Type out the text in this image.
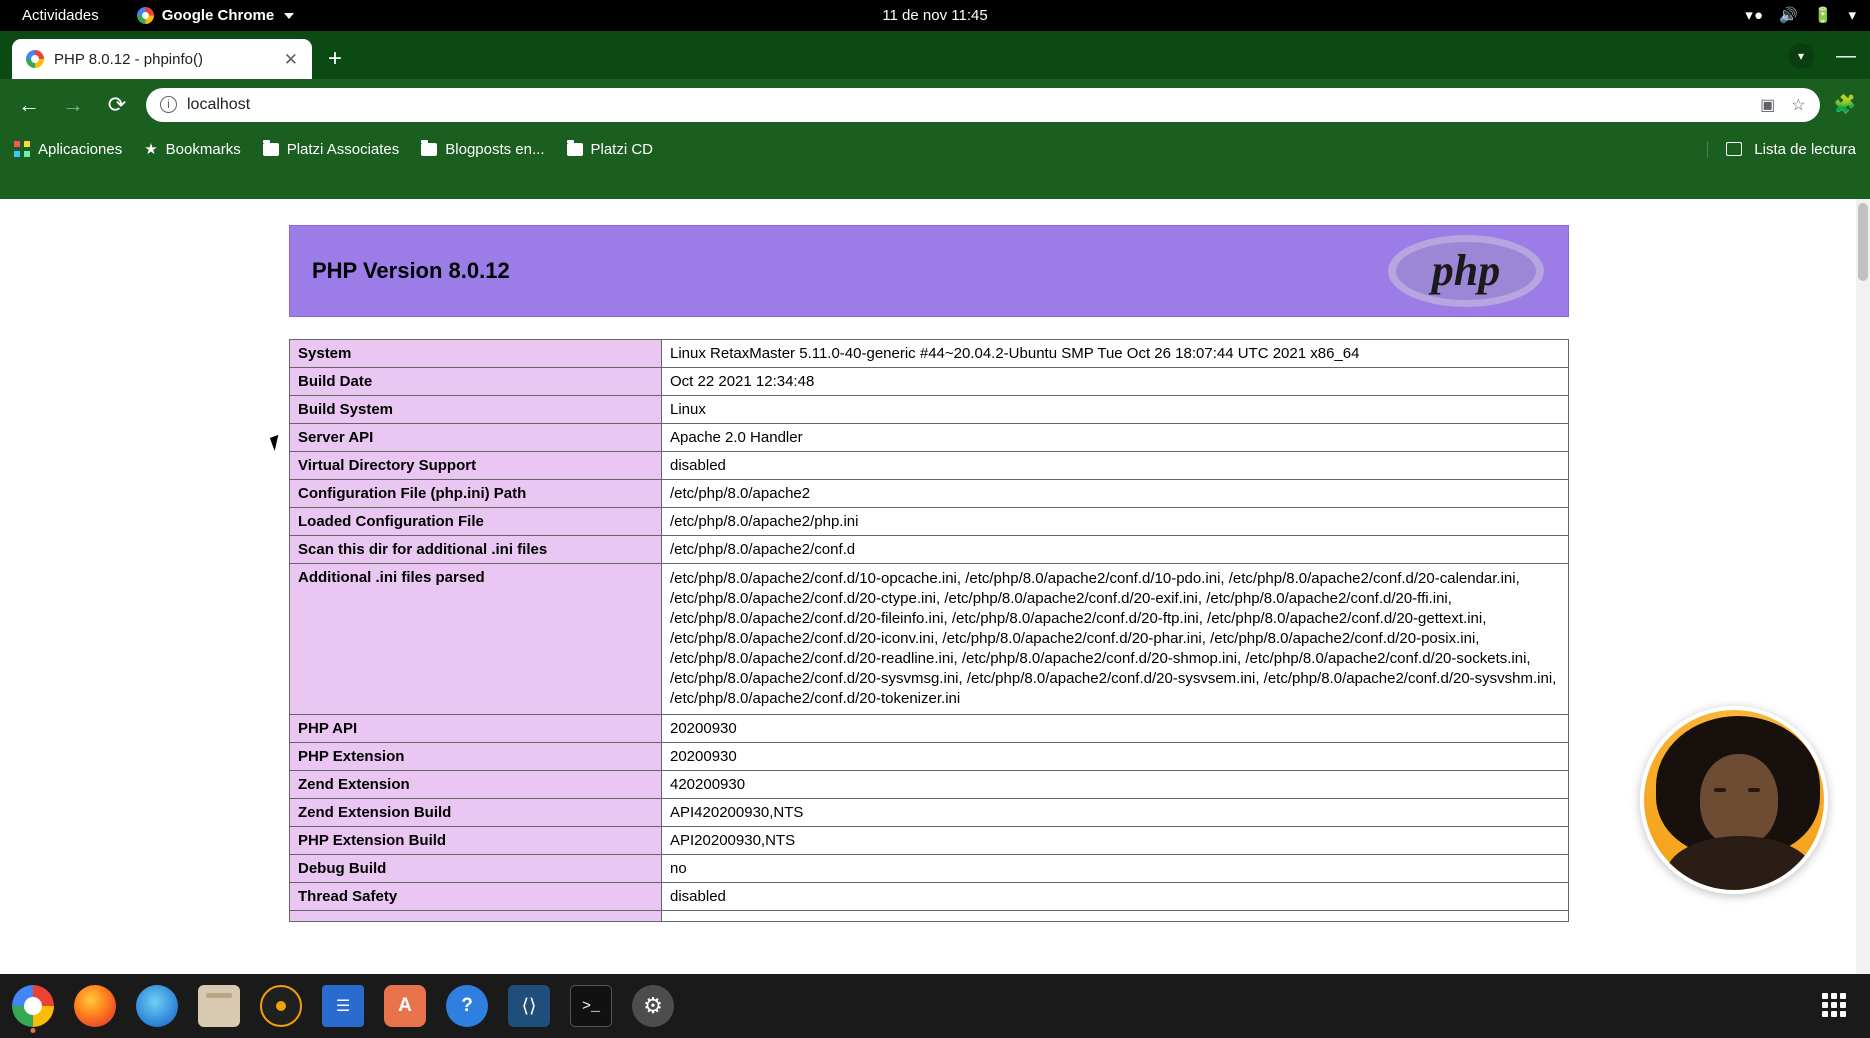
Actividades	Google Chrome	11 de nov 11:45	▾ ● 🔊 🔋 ▾
PHP 8.0.12 - phpinfo()	✕ +	▾	—
← → ⟳	i	localhost	▣ ☆ 🧩
Aplicaciones ★ Bookmarks	Platzi Associates	Blogposts en...	Platzi CD	Lista de lectura
PHP Version 8.0.12	php
System	Linux RetaxMaster 5.11.0-40-generic #44~20.04.2-Ubuntu SMP Tue Oct 26 18:07:44 UTC 2021 x86_64
Build Date	Oct 22 2021 12:34:48
Build System	Linux
Server API	Apache 2.0 Handler
Virtual Directory Support	disabled
Configuration File (php.ini) Path	/etc/php/8.0/apache2
Loaded Configuration File	/etc/php/8.0/apache2/php.ini
Scan this dir for additional .ini files	/etc/php/8.0/apache2/conf.d
Additional .ini files parsed	/etc/php/8.0/apache2/conf.d/10-opcache.ini, /etc/php/8.0/apache2/conf.d/10-pdo.ini, /etc/php/8.0/apache2/conf.d/20-calendar.ini, /etc/php/8.0/apache2/conf.d/20-ctype.ini, /etc/php/8.0/apache2/conf.d/20-exif.ini, /etc/php/8.0/apache2/conf.d/20-ffi.ini, /etc/php/8.0/apache2/conf.d/20-fileinfo.ini, /etc/php/8.0/apache2/conf.d/20-ftp.ini, /etc/php/8.0/apache2/conf.d/20-gettext.ini, /etc/php/8.0/apache2/conf.d/20-iconv.ini, /etc/php/8.0/apache2/conf.d/20-phar.ini, /etc/php/8.0/apache2/conf.d/20-posix.ini, /etc/php/8.0/apache2/conf.d/20-readline.ini, /etc/php/8.0/apache2/conf.d/20-shmop.ini, /etc/php/8.0/apache2/conf.d/20-sockets.ini, /etc/php/8.0/apache2/conf.d/20-sysvmsg.ini, /etc/php/8.0/apache2/conf.d/20-sysvsem.ini, /etc/php/8.0/apache2/conf.d/20-sysvshm.ini, /etc/php/8.0/apache2/conf.d/20-tokenizer.ini
PHP API	20200930
PHP Extension	20200930
Zend Extension	420200930
Zend Extension Build	API420200930,NTS
PHP Extension Build	API20200930,NTS
Debug Build	no
Thread Safety	disabled

☰	A	?	⟨⟩	>_
⚙
